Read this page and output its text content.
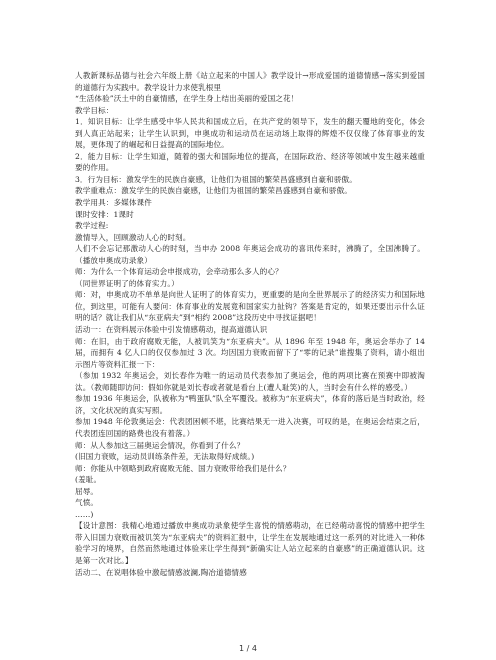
人教新课标品德与社会六年级上册《站立起来的中国人》教学设计→形成爱国的道德情感→落实到爱国的道德行为实践中。教学设计力求使乳根里

“生活体验”沃土中的自豪情感，在学生身上结出美丽的爱国之花！

教学目标：

1．知识目标：让学生感受中华人民共和国成立后，在共产党的领导下，发生的翻天覆地的变化，体会到人真正站起来；让学生认识到，申奥成功和运动员在运动场上取得的辉煌不仅仅缘了体育事业的发展，更体现了的崛起和日益提高的国际地位。

2．能力目标：让学生知道，随着的强大和国际地位的提高，在国际政治、经济等领域中发生越来越重要的作用。

3．行为目标：激发学生的民族自豪感，让他们为祖国的繁荣昌盛感到自豪和骄傲。

教学重难点：激发学生的民族自豪感，让他们为祖国的繁荣昌盛感到自豪和骄傲。

教学用具：多媒体课件

课时安排：1课时

教学过程:

激情导入，回顾激动人心的时刻。

人们不会忘记那激动人心的时刻，当申办 2008 年奥运会成功的喜讯传来时，沸腾了，全国沸腾了。（播放申奥成功录象）

师：为什么一个体育运动会申报成功，会牵动那么多人的心？

（同世界证明了的体育实力。）

师：对，申奥成功不单单是向世人证明了的体育实力，更重要的是向全世界展示了的经济实力和国际地位，到这里，可能有人要问：体育事业的发展竟和国家实力扯钩？答案是肯定的，如果还要出示什么证明的话？就让我们从“东亚病夫”到“相约 2008”这段历史中寻找证据吧！

活动一：在资料展示体验中引发情感萌动，提高道德认识

师：在旧，由于政府腐败无能，人被讥笑为“东亚病夫”。从 1896 年至 1948 年，奥运会举办了 14 届，而拥有 4 亿人口的仅仅参加过 3 次。均因国力衰败而留下了“零的记录”谁搜集了资料，请小组出示图片等资料汇报一下：

（参加 1932 年奥运会，刘长春作为唯一的运动员代表参加了奥运会，他的两项比赛在预赛中即被淘汰。（教师随即访问：假如你就是刘长春或者就是看台上(遭人耻笑)的人，当时会有什么样的感受。）

参加 1936 年奥运会，队被称为“鸭蛋队”队全军覆没。被称为“东亚病夫”，体育的落后是当时政治，经济，文化状况的真实写照。

参加 1948 年伦敦奥运会：代表团困顿不堪，比赛结果无一进入决赛，可叹的是，在奥运会结束之后，代表团连回国的路费也没有着落。）

师：从人参加这三届奥运会情况，你看到了什么？

(旧国力衰败，运动员训练条件差，无法取得好成绩。)

师：你能从中领略到政府腐败无能、国力衰败带给我们是什么？

(羞耻。

屈辱。

气愤。

……)

【设计意图：我精心地通过播放申奥成功录象使学生喜悦的情感萌动，在已经萌动喜悦的情感中把学生带入旧国力衰败而被讥笑为“东亚病夫”的资料汇报中，让学生在发展地通过这一系列的对比进入一种体验学习的境界，自然而然地通过体验来让学生得到“新确实让人站立起来的自豪感”的正确道德认识。这是第一次对比。】

活动二、在说唱体验中激起情感波澜,陶冶道德情感

1 / 4
